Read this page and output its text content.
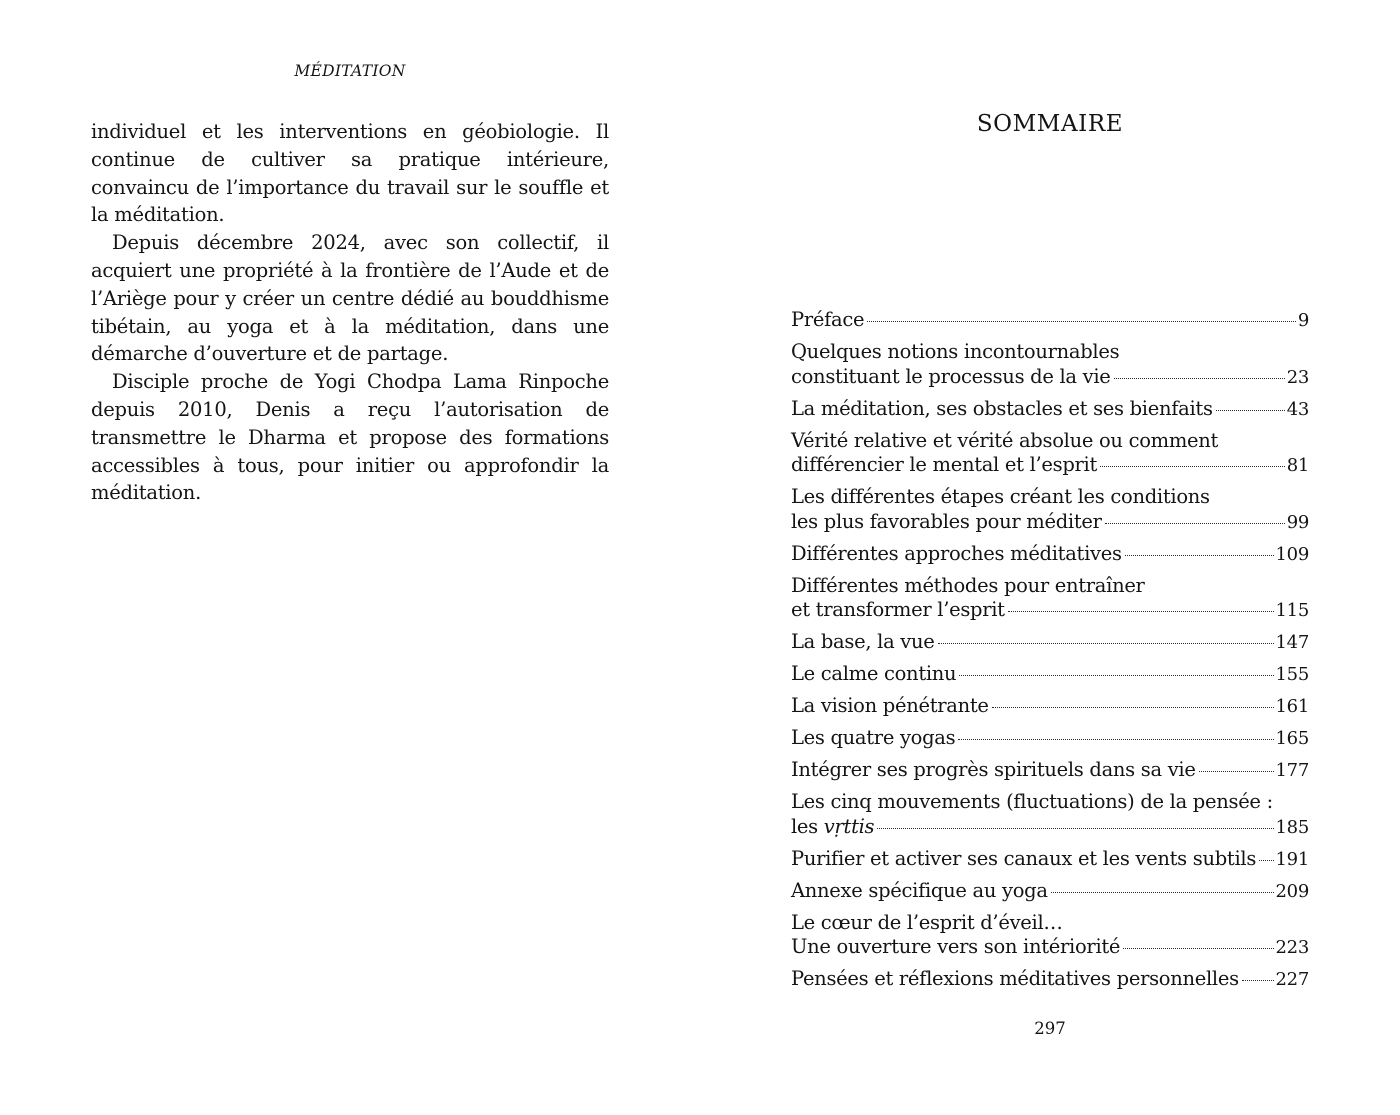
MÉDITATION

individuel et les interventions en géobiologie. Il continue de cultiver sa pratique intérieure, convaincu de l’importance du travail sur le souffle et la méditation.

Depuis décembre 2024, avec son collectif, il acquiert une propriété à la frontière de l’Aude et de l’Ariège pour y créer un centre dédié au bouddhisme tibétain, au yoga et à la méditation, dans une démarche d’ouverture et de partage.

Disciple proche de Yogi Chodpa Lama Rinpoche depuis 2010, Denis a reçu l’autorisation de transmettre le Dharma et propose des formations accessibles à tous, pour initier ou approfondir la méditation.

SOMMAIRE
Préface	9
Quelques notions incontournables
constituant le processus de la vie	23
La méditation, ses obstacles et ses bienfaits	43
Vérité relative et vérité absolue ou comment
différencier le mental et l’esprit	81
Les différentes étapes créant les conditions
les plus favorables pour méditer	99
Différentes approches méditatives	109
Différentes méthodes pour entraîner
et transformer l’esprit	115
La base, la vue	147
Le calme continu	155
La vision pénétrante	161
Les quatre yogas	165
Intégrer ses progrès spirituels dans sa vie	177
Les cinq mouvements (fluctuations) de la pensée :
les vṛttis	185
Purifier et activer ses canaux et les vents subtils 191
Annexe spécifique au yoga	209
Le cœur de l’esprit d’éveil…
Une ouverture vers son intériorité	223
Pensées et réflexions méditatives personnelles 227
297
